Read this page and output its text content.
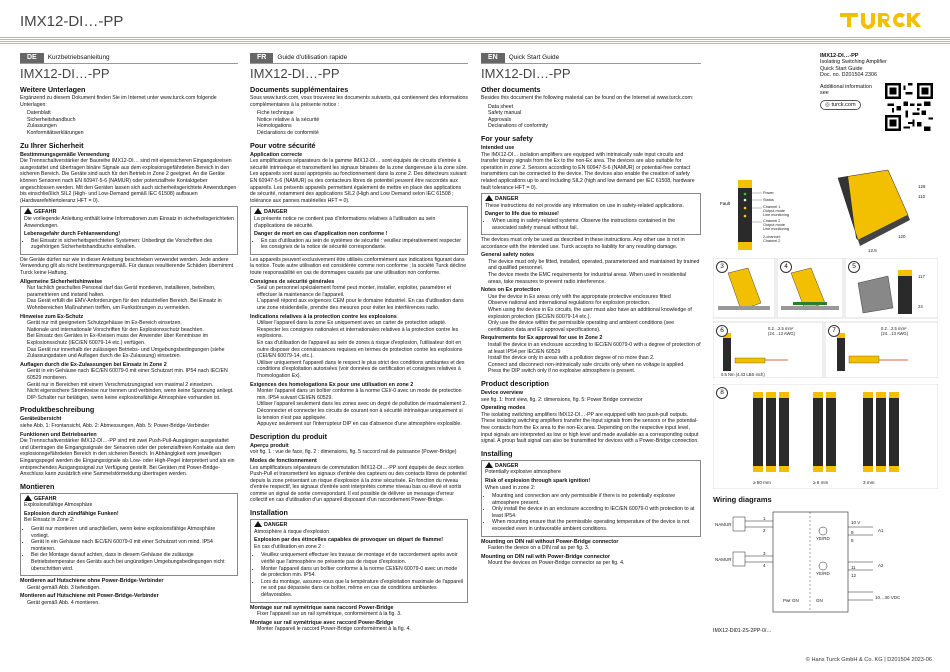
IMX12-DI…-PP
DE	Kurzbetriebsanleitung
IMX12-DI…-PP
Weitere Unterlagen

Ergänzend zu diesem Dokument finden Sie im Internet unter www.turck.com folgende Unterlagen:

• Datenblatt
• Sicherheitshandbuch
• Zulassungen
• Konformitätserklärungen
Zu Ihrer Sicherheit
Bestimmungsgemäße Verwendung

Die Trennschaltverstärker der Baureihe IMX12-DI… sind mit eigensicheren Eingangskreisen ausgestattet und übertragen binäre Signale aus dem explosionsgefährdeten Bereich in den sicheren Bereich. Die Geräte sind auch für den Betrieb in Zone 2 geeignet. An die Geräte können Sensoren nach EN 60947-5-6 (NAMUR) oder potenzialfreie Kontaktgeber angeschlossen werden. Mit den Geräten lassen sich auch sicherheitsgerichtete Anwendungen bis einschließlich SIL2 (High- und Low-Demand gemäß IEC 61508) aufbauen (Hardwarefehlertoleranz HFT = 0).

GEFAHR

Die vorliegende Anleitung enthält keine Informationen zum Einsatz in sicherheitsgerichteten Anwendungen.

Lebensgefahr durch Fehlanwendung!
• Bei Einsatz in sicherheitsgerichteten Systemen: Unbedingt die Vorschriften des zugehörigen Sicherheitshandbuchs einhalten.

Die Geräte dürfen nur wie in dieser Anleitung beschrieben verwendet werden. Jede andere Verwendung gilt als nicht bestimmungsgemäß. Für daraus resultierende Schäden übernimmt Turck keine Haftung.

Allgemeine Sicherheitshinweise
• Nur fachlich geschultes Personal darf das Gerät montieren, installieren, betreiben, parametrieren und instand halten.
• Das Gerät erfüllt die EMV-Anforderungen für den industriellen Bereich. Bei Einsatz in Wohnbereichen Maßnahmen treffen, um Funkstörungen zu vermeiden.
Hinweise zum Ex-Schutz
• Gerät nur mit geeignetem Schutzgehäuse im Ex-Bereich einsetzen.
• Nationale und internationale Vorschriften für den Explosionsschutz beachten.
• Bei Einsatz des Gerätes in Ex-Kreisen muss der Anwender über Kenntnisse im Explosionsschutz (IEC/EN 60079-14 etc.) verfügen.
• Das Gerät nur innerhalb der zulässigen Betriebs- und Umgebungsbedingungen (siehe Zulassungsdaten und Auflagen durch die Ex-Zulassung) einsetzen.
Auflagen durch die Ex-Zulassungen bei Einsatz in Zone 2
• Gerät in ein Gehäuse nach IEC/EN 60079-0 mit einer Schutzart min. IP54 nach IEC/EN 60529 montieren.
• Gerät nur in Bereichen mit einem Verschmutzungsgrad von maximal 2 einsetzen.
• Nicht eigensichere Stromkreise nur trennen und verbinden, wenn keine Spannung anliegt.
• DIP-Schalter nur betätigen, wenn keine explosionsfähige Atmosphäre vorhanden ist.
Produktbeschreibung
Geräteübersicht

siehe Abb. 1: Frontansicht, Abb. 2: Abmessungen, Abb. 5: Power-Bridge-Verbinder

Funktionen und Betriebsarten

Die Trennschaltverstärker IMX12-DI…-PP sind mit zwei Push-Pull-Ausgängen ausgestattet und übertragen die Eingangssignale der Sensoren oder der potenzialfreien Kontakte aus dem explosionsgefährdeten Bereich in den sicheren Bereich. In Abhängigkeit vom jeweiligen Eingangspegel werden die Eingangssignale als Low- oder High-Pegel interpretiert und als ein entsprechendes Ausgangssignal zur Verfügung gestellt. Bei Geräten mit Power-Bridge-Anschluss kann zusätzlich eine Sammelstörmeldung übertragen werden.

Montieren
GEFAHR

Explosionsfähige Atmosphäre

Explosion durch zündfähige Funken!

Bei Einsatz in Zone 2:

• Gerät nur montieren und anschließen, wenn keine explosionsfähige Atmosphäre vorliegt.
• Gerät in ein Gehäuse nach IEC/EN 60079-0 mit einer Schutzart von mind. IP54 montieren.
• Bei der Montage darauf achten, dass in diesem Gehäuse die zulässige Betriebstemperatur des Geräts auch bei ungünstigen Umgebungsbedingungen nicht überschritten wird.
Montieren auf Hutschiene ohne Power-Bridge-Verbinder
• Gerät gemäß Abb. 3 befestigen.
Montieren auf Hutschiene mit Power-Bridge-Verbinder
• Gerät gemäß Abb. 4 montieren.
FR	Guide d'utilisation rapide
IMX12-DI…-PP
Documents supplémentaires

Sous www.turck.com, vous trouverez les documents suivants, qui contiennent des informations complémentaires à la présente notice :

• Fiche technique
• Notice relative à la sécurité
• Homologations
• Déclarations de conformité
Pour votre sécurité
Application correcte

Les amplificateurs séparateurs de la gamme IMX12-DI… sont équipés de circuits d'entrée à sécurité intrinsèque et transmettent les signaux binaires de la zone dangereuse à la zone sûre. Les appareils sont aussi appropriés au fonctionnement dans la zone 2. Des détecteurs suivant EN 60947-5-6 (NAMUR) ou des contacteurs libres de potentiel peuvent être raccordés aux appareils. Les présents appareils permettent également de mettre en place des applications de sécurité, notamment des applications SIL2 (High and Low Demand selon IEC 61508 ; tolérance aux pannes matérielles HFT = 0).

DANGER

La présente notice ne contient pas d'informations relatives à l'utilisation au sein d'applications de sécurité.

Danger de mort en cas d'application non conforme !
• En cas d'utilisation au sein de systèmes de sécurité : veuillez impérativement respecter les consignes de la notice de sécurité correspondante.

Les appareils peuvent exclusivement être utilisés conformément aux indications figurant dans la notice. Toute autre utilisation est considérée comme non conforme ; la société Turck décline toute responsabilité en cas de dommages causés par une utilisation non conforme.

Consignes de sécurité générales
• Seul un personnel spécialement formé peut monter, installer, exploiter, paramétrer et effectuer la maintenance de l'appareil.
• L'appareil répond aux exigences CEM pour le domaine industriel. En cas d'utilisation dans une zone résidentielle, prendre des mesures pour éviter les interférences radio.
Indications relatives à la protection contre les explosions
• Utiliser l'appareil dans la zone Ex uniquement avec un carter de protection adapté.
• Respecter les consignes nationales et internationales relatives à la protection contre les explosions.
• En cas d'utilisation de l'appareil au sein de zones à risque d'explosion, l'utilisateur doit en outre disposer des connaissances requises en termes de protection contre les explosions (CEI/EN 60079-14, etc.).
• Utiliser uniquement l'appareil dans le respect le plus strict des conditions ambiantes et des conditions d'exploitation autorisées (voir données de certification et consignes relatives à l'homologation Ex).
Exigences des homologations Ex pour une utilisation en zone 2
• Monter l'appareil dans un boîtier conforme à la norme CEI/-0 avec un mode de protection min. IP54 suivant CEI/EN 60529.
• Utiliser l'appareil seulement dans les zones avec un degré de pollution de maximalement 2.
• Déconnecter et connecter les circuits de courant non à sécurité intrinsèque uniquement si la tension n'est pas appliquée.
• Appuyez seulement sur l'interrupteur DIP en cas d'absence d'une atmosphère explosible.
Description du produit
Aperçu produit

voir fig. 1 : vue de face, fig. 2 : dimensions, fig. 5 raccord rail de puissance (Power-Bridge)

Modes de fonctionnement

Les amplificateurs séparateurs de commutation IMX12-DI…-PP sont équipés de deux sorties Push-Pull et transmettent les signaux d'entrée des capteurs ou des contacts libres de potentiel depuis la zone présentant un risque d'explosion à la zone sécurisée. En fonction du niveau d'entrée respectif, les signaux d'entrée sont interprétés comme niveau bas ou élevé et sortis comme un signal de sortie correspondant. Il est possible de délivrer un message d'erreur collectif en cas d'utilisation d'un appareil disposant d'un raccordement Power-Bridge.

Installation
DANGER

Atmosphère à risque d'explosion

Explosion par des étincelles capables de provoquer un départ de flamme!

En cas d'utilisation en zone 2 :

• Veuillez uniquement effectuer les travaux de montage et de raccordement après avoir vérifié que l'atmosphère ne présente pas de risque d'explosion.
• Monter l'appareil dans un boîtier conforme à la norme CEI/EN 60079-0 avec un mode de protection min. IP54.
• Lors du montage, assurez-vous que la température d'exploitation maximale de l'appareil ne soit pas dépassée dans ce boîtier, même en cas de conditions ambiantes défavorables.
Montage sur rail symétrique sans raccord Power-Bridge
• Fixer l'appareil sur un rail symétrique, conformément à la fig. 3.
Montage sur rail symétrique avec raccord Power-Bridge
• Monter l'appareil le raccord Power-Bridge conformément à la fig. 4.
EN	Quick Start Guide
IMX12-DI…-PP
Other documents

Besides this document the following material can be found on the Internet at www.turck.com:

• Data sheet
• Safety manual
• Approvals
• Declarations of conformity
For your safety
Intended use

The IMX12-DI… isolation amplifiers are equipped with intrinsically safe input circuits and transfer binary signals from the Ex to the non-Ex area. The devices are also suitable for operation in zone 2. Sensors according to EN 60947-5-6 (NAMUR) or potential-free contact transmitters can be connected to the device. The devices also enable the creation of safety related applications up to and including SIL2 (high and low demand per IEC 61508, hardware fault tolerance HFT = 0).

DANGER

These instructions do not provide any information on use in safety-related applications.

Danger to life due to misuse!
• When using in safety-related systems: Observe the instructions contained in the associated safety manual without fail.

The devices must only be used as described in these instructions. Any other use is not in accordance with the intended use. Turck accepts no liability for any resulting damage.

General safety notes
• The device must only be fitted, installed, operated, parameterized and maintained by trained and qualified personnel.
• The device meets the EMC requirements for industrial areas. When used in residential areas, take measures to prevent radio interference.
Notes on Ex protection
• Use the device in Ex areas only with the appropriate protective enclosures fitted
• Observe national and international regulations for explosion protection.
• When using the device in Ex circuits, the user must also have an additional knowledge of explosion protection (IEC/EN 60079-14 etc.).
• Only use the device within the permissible operating and ambient conditions (see certification data and Ex approval specifications).
Requirements for Ex approval for use in Zone 2
• Install the device in an enclosure according to IEC/EN 60079-0 with a degree of protection of at least IP54 per IEC/EN 60529
• Install the device only in areas with a pollution degree of no more than 2.
• Connect and disconnect non-intrinsically safe circuits only when no voltage is applied.
• Press the DIP switch only if no explosive atmosphere is present.
Product description
Device overview

see fig. 1: front view, fig. 2: dimensions, fig. 5: Power Bridge connector

Operating modes

The isolating switching amplifiers IMX12-DI…-PP are equipped with two push-pull outputs. These isolating switching amplifiers transfer the input signals from the sensors or the potential-free contacts from the Ex area to the non-Ex area. Depending on the respective input level, input signals are interpreted as low or high level and made available as a corresponding output signal. A group fault signal can also be transmitted for devices with a Power-Bridge connection.

Installing
DANGER

Potentially explosive atmosphere

Risk of explosion through spark ignition!

When used in zone 2:

• Mounting and connection are only permissible if there is no potentially explosive atmosphere present.
• Only install the device in an enclosure according to IEC/EN 60079-0 with protection to at least IP54.
• When mounting ensure that the permissible operating temperature of the device is not exceeded even in unfavorable ambient conditions.
Mounting on DIN rail without Power-Bridge connector
• Fasten the device on a DIN rail as per fig. 3.
Mounting on DIN rail with Power-Bridge connector
• Mount the devices on Power-Bridge connector as per fig. 4.
IMX12-DI…-PP
Isolating Switching Amplifier
Quick Start Guide
Doc. no. D201504 2306
Additional information see
◎ turck.com
Fault
Power
Status
Channel 1
Output mode
Line monitoring
Channel 2
Output mode
Line monitoring
2-channel:
Channel 2
128
110
120
12.5
117
24
0.2…2.5 mm²
(24…13 AWG)
0.2…2.5 mm²
(24…13 AWG)
0.5 Nm (4.43 LBS·inch)
3	4	5
6	7
≥ 50 mm	≥ 6 mm	3 mm
8
Wiring diagrams
NAMUR
NAMUR
1
2
3
4
10 V
YE/RD
9
8
YE/RD
11
12
A1
A2
Pwr GN	GN
10…30 VDC
IMX12-DI01-2S-2PP-0/…
© Hans Turck GmbH & Co. KG | D201504 2023-06
